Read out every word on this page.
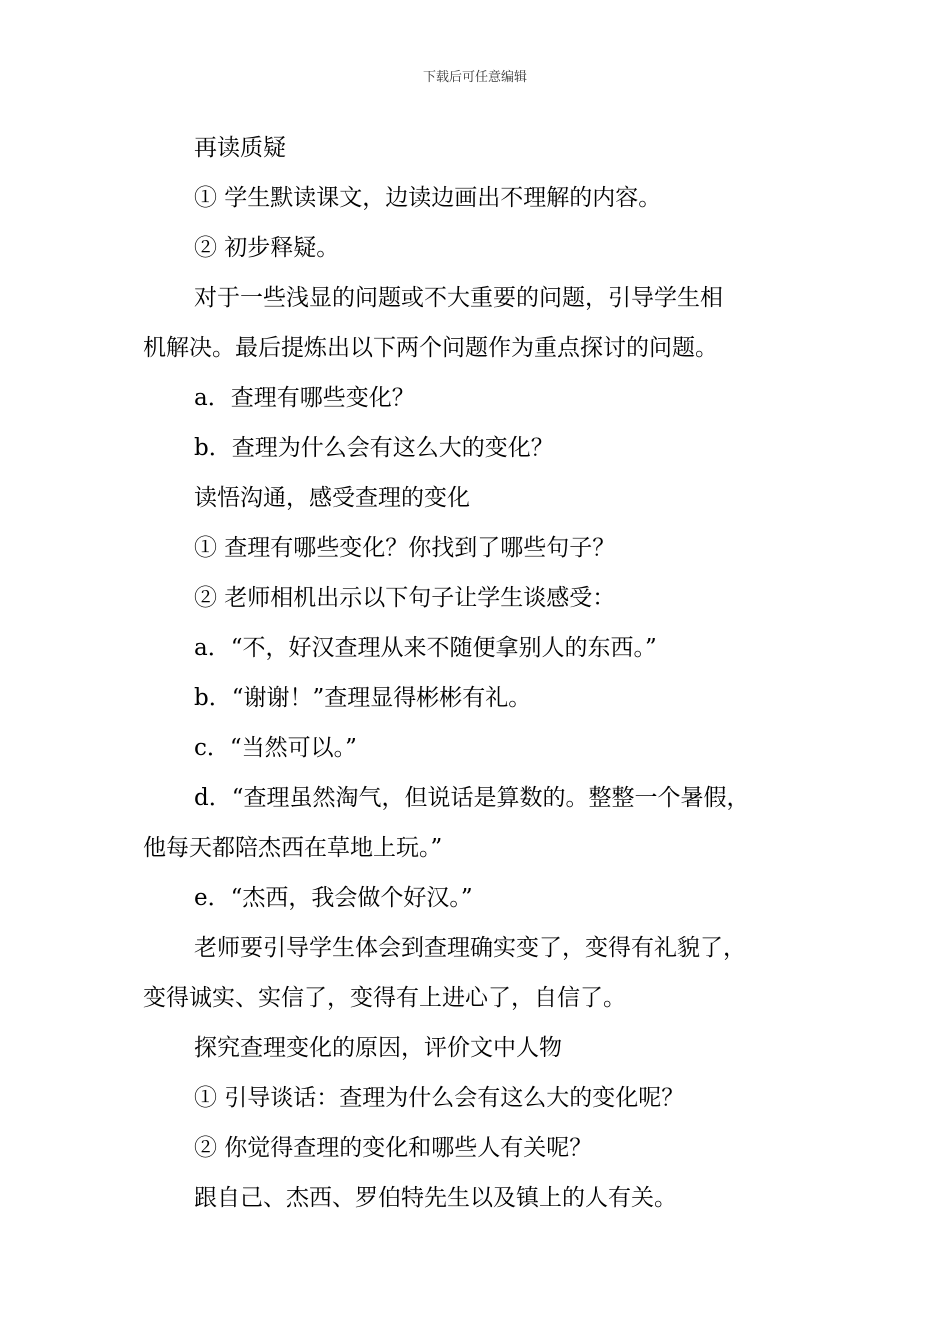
下载后可任意编辑
再读质疑
① 学生默读课文，边读边画出不理解的内容。
② 初步释疑。
对于一些浅显的问题或不大重要的问题，引导学生相
机解决。最后提炼出以下两个问题作为重点探讨的问题。
a．查理有哪些变化？
b．查理为什么会有这么大的变化？
读悟沟通，感受查理的变化
① 查理有哪些变化？你找到了哪些句子？
② 老师相机出示以下句子让学生谈感受：
a．“不，好汉查理从来不随便拿别人的东西。”
b．“谢谢！”查理显得彬彬有礼。
c．“当然可以。”
d．“查理虽然淘气，但说话是算数的。整整一个暑假，
他每天都陪杰西在草地上玩。”
e．“杰西，我会做个好汉。”
老师要引导学生体会到查理确实变了，变得有礼貌了，
变得诚实、实信了，变得有上进心了，自信了。
探究查理变化的原因，评价文中人物
① 引导谈话：查理为什么会有这么大的变化呢？
② 你觉得查理的变化和哪些人有关呢？
跟自己、杰西、罗伯特先生以及镇上的人有关。
